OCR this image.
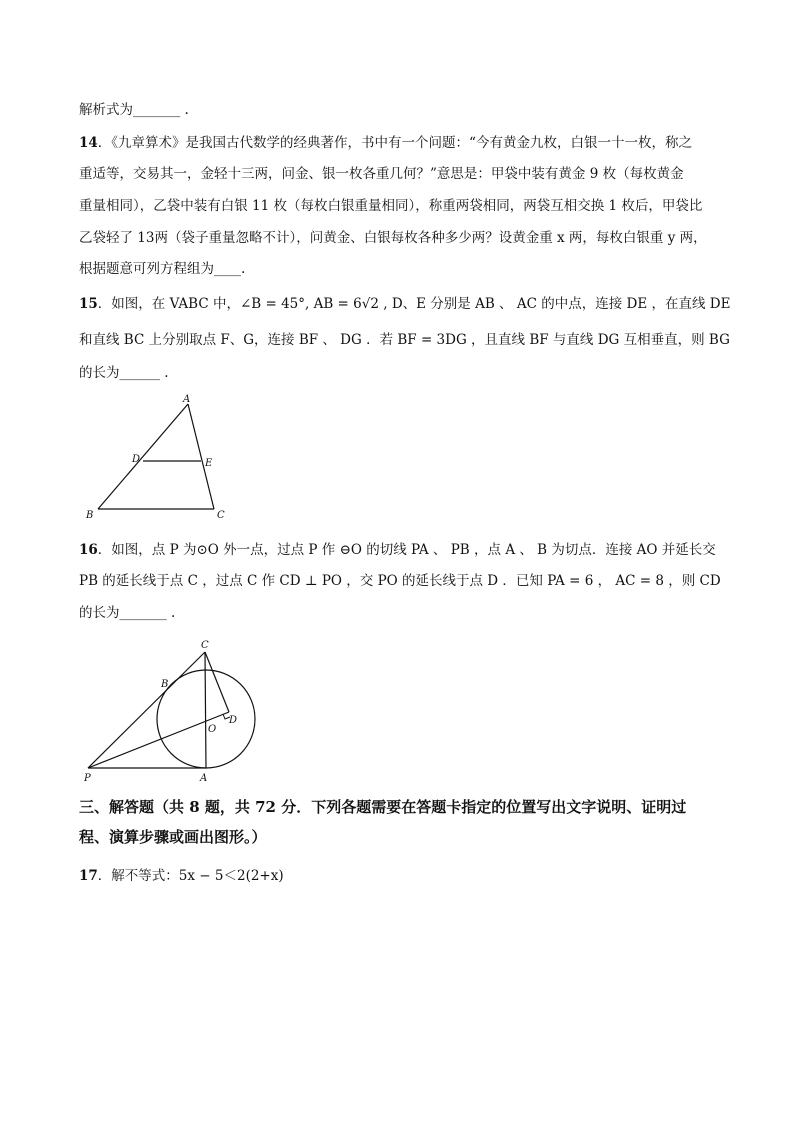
解析式为_______ .
14．《九章算术》是我国古代数学的经典著作，书中有一个问题：“今有黄金九枚，白银一十一枚，称之
重适等，交易其一，金轻十三两，问金、银一枚各重几何？”意思是：甲袋中装有黄金 9 枚（每枚黄金
重量相同），乙袋中装有白银 11 枚（每枚白银重量相同），称重两袋相同，两袋互相交换 1 枚后，甲袋比
乙袋轻了 13两（袋子重量忽略不计），问黄金、白银每枚各种多少两？设黄金重 x 两，每枚白银重 y 两，
根据题意可列方程组为____.
15．如图，在 VABC 中，∠B = 45°, AB = 6√2 , D、E 分别是 AB 、 AC 的中点，连接 DE ，在直线 DE
和直线 BC 上分别取点 F、G，连接 BF 、 DG ．若 BF = 3DG ，且直线 BF 与直线 DG 互相垂直，则 BG
的长为______ .
A
D	E
B	C
16．如图，点 P 为⊙O 外一点，过点 P 作 ⊖O 的切线 PA 、 PB ，点 A 、 B 为切点．连接 AO 并延长交
PB 的延长线于点 C ，过点 C 作 CD ⊥ PO ，交 PO 的延长线于点 D ．已知 PA = 6 ， AC = 8 ，则 CD
的长为_______ .
C
B
D
O
P	A
三、解答题（共 8 题，共 72 分．下列各题需要在答题卡指定的位置写出文字说明、证明过
程、演算步骤或画出图形。）
17．解不等式：5x − 5＜2(2+x)
